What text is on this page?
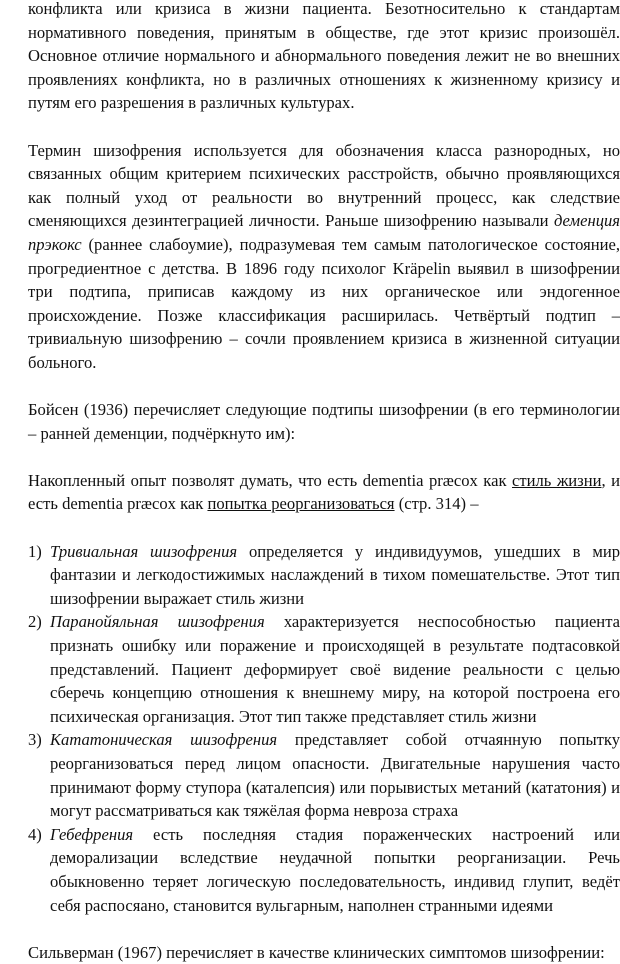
конфликта или кризиса в жизни пациента. Безотносительно к стандартам нормативного поведения, принятым в обществе, где этот кризис произошёл. Основное отличие нормального и абнормального поведения лежит не во внешних проявлениях конфликта, но в различных отношениях к жизненному кризису и путям его разрешения в различных культурах.

Термин шизофрения используется для обозначения класса разнородных, но связанных общим критерием психических расстройств, обычно проявляющихся как полный уход от реальности во внутренний процесс, как следствие сменяющихся дезинтеграцией личности. Раньше шизофрению называли деменция прэкокс (раннее слабоумие), подразумевая тем самым патологическое состояние, прогредиентное с детства. В 1896 году психолог Kräpelin выявил в шизофрении три подтипа, приписав каждому из них органическое или эндогенное происхождение. Позже классификация расширилась. Четвёртый подтип – тривиальную шизофрению – сочли проявлением кризиса в жизненной ситуации больного.

Бойсен (1936) перечисляет следующие подтипы шизофрении (в его терминологии – ранней деменции, подчёркнуто им):

Накопленный опыт позволят думать, что есть dementia præcox как стиль жизни, и есть dementia præcox как попытка реорганизоваться (стр. 314) –

1) Тривиальная шизофрения определяется у индивидуумов, ушедших в мир фантазии и легкодостижимых наслаждений в тихом помешательстве. Этот тип шизофрении выражает стиль жизни
2) Паранойяльная шизофрения характеризуется неспособностью пациента признать ошибку или поражение и происходящей в результате подтасовкой представлений. Пациент деформирует своё видение реальности с целью сберечь концепцию отношения к внешнему миру, на которой построена его психическая организация. Этот тип также представляет стиль жизни
3) Кататоническая шизофрения представляет собой отчаянную попытку реорганизоваться перед лицом опасности. Двигательные нарушения часто принимают форму ступора (каталепсия) или порывистых метаний (кататония) и могут рассматриваться как тяжёлая форма невроза страха
4) Гебефрения есть последняя стадия пораженческих настроений или деморализации вследствие неудачной попытки реорганизации. Речь обыкновенно теряет логическую последовательность, индивид глупит, ведёт себя распосяано, становится вульгарным, наполнен странными идеями

Сильверман (1967) перечисляет в качестве клинических симптомов шизофрении:
